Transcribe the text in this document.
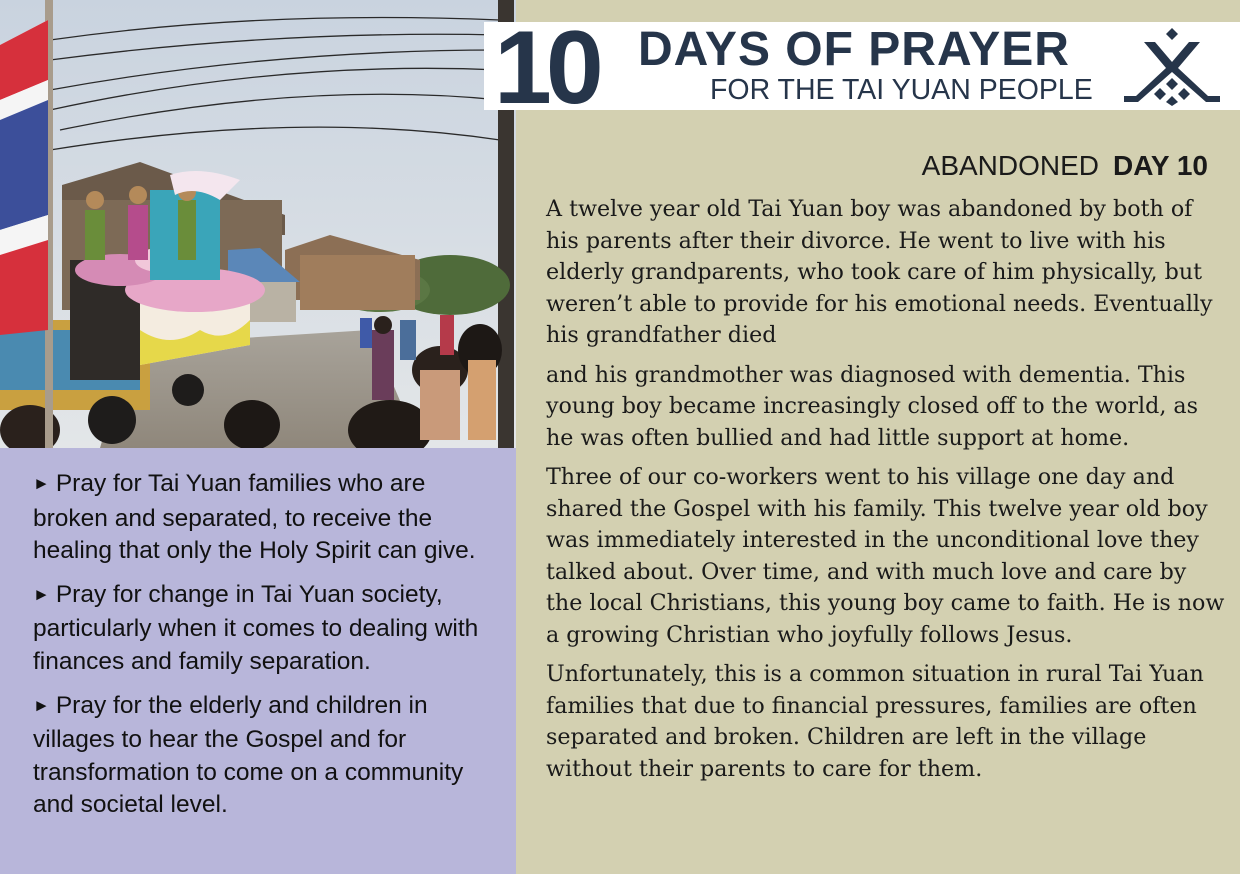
► Pray for Tai Yuan families who are broken and separated, to receive the healing that only the Holy Spirit can give.
► Pray for change in Tai Yuan society, particularly when it comes to dealing with finances and family separation.
► Pray for the elderly and children in villages to hear the Gospel and for transformation to come on a community and societal level.
10 DAYS OF PRAYER
FOR THE TAI YUAN PEOPLE
ABANDONED DAY 10

A twelve year old Tai Yuan boy was abandoned by both of his parents after their divorce. He went to live with his elderly grandparents, who took care of him physically, but weren’t able to provide for his emotional needs. Eventually his grandfather died

and his grandmother was diagnosed with dementia. This young boy became increasingly closed off to the world, as he was often bullied and had little support at home.

Three of our co-workers went to his village one day and shared the Gospel with his family. This twelve year old boy was immediately interested in the unconditional love they talked about. Over time, and with much love and care by the local Christians, this young boy came to faith. He is now a growing Christian who joyfully follows Jesus.

Unfortunately, this is a common situation in rural Tai Yuan families that due to financial pressures, families are often separated and broken. Children are left in the village without their parents to care for them.
